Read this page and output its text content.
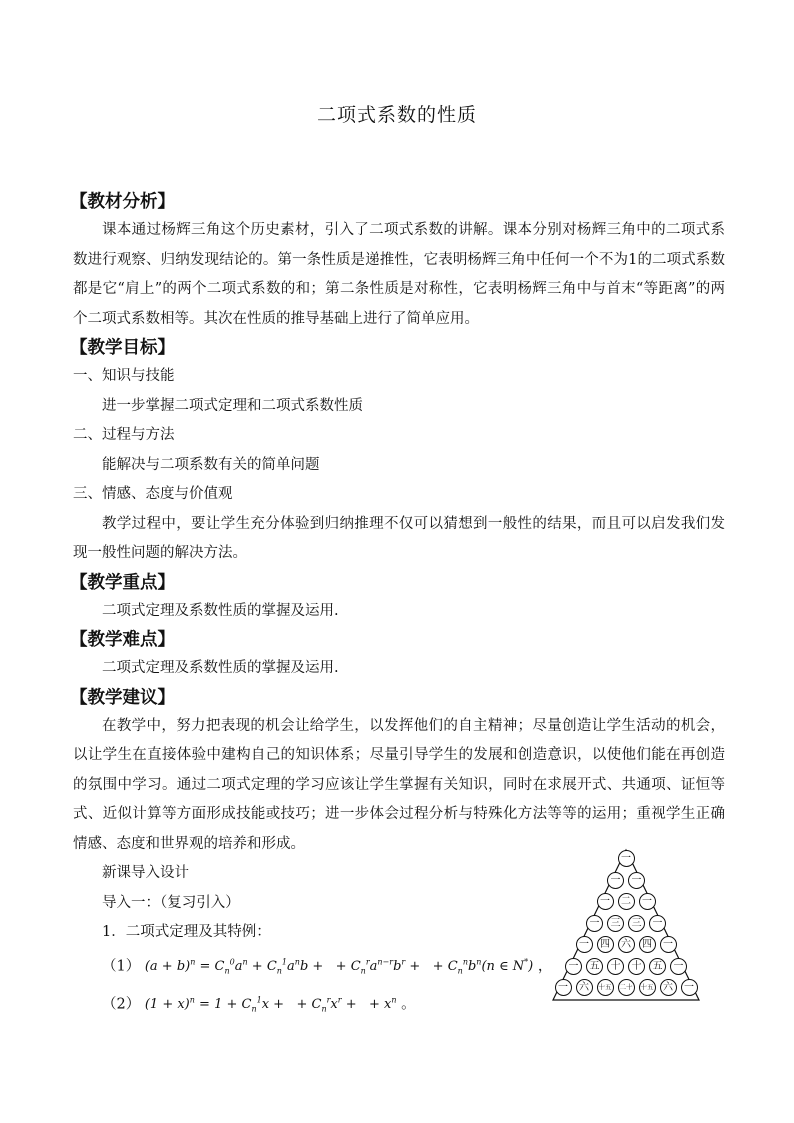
二项式系数的性质
【教材分析】
课本通过杨辉三角这个历史素材，引入了二项式系数的讲解。课本分别对杨辉三角中的二项式系数进行观察、归纳发现结论的。第一条性质是递推性，它表明杨辉三角中任何一个不为1的二项式系数都是它“肩上”的两个二项式系数的和；第二条性质是对称性，它表明杨辉三角中与首末“等距离”的两个二项式系数相等。其次在性质的推导基础上进行了简单应用。
【教学目标】
一、知识与技能
进一步掌握二项式定理和二项式系数性质
二、过程与方法
能解决与二项系数有关的简单问题
三、情感、态度与价值观
教学过程中，要让学生充分体验到归纳推理不仅可以猜想到一般性的结果，而且可以启发我们发现一般性问题的解决方法。
【教学重点】
二项式定理及系数性质的掌握及运用.
【教学难点】
二项式定理及系数性质的掌握及运用.
【教学建议】
在教学中，努力把表现的机会让给学生，以发挥他们的自主精神；尽量创造让学生活动的机会，以让学生在直接体验中建构自己的知识体系；尽量引导学生的发展和创造意识，以使他们能在再创造的氛围中学习。通过二项式定理的学习应该让学生掌握有关知识，同时在求展开式、共通项、证恒等式、近似计算等方面形成技能或技巧；进一步体会过程分析与特殊化方法等等的运用；重视学生正确情感、态度和世界观的培养和形成。
新课导入设计
导入一：（复习引入）
1．二项式定理及其特例：
（1） $(a + b)^n = C_n^0a^n + C_n^1a^nb$ +   + $C_n^ra^{n-r}b^r$ +   + $C_n^nb^n(n$ ∈ N*) ，
（2） $(1 + x)^n = 1 + C_n^1x$ +   + $C_n^rx^r$ +   + $x^n$ 。
一
一	一
一	二	一
一	三	三	一
一	四	六	四	一
一	五	十	十	五	一
一	六	十五	二十	十五 六	一
